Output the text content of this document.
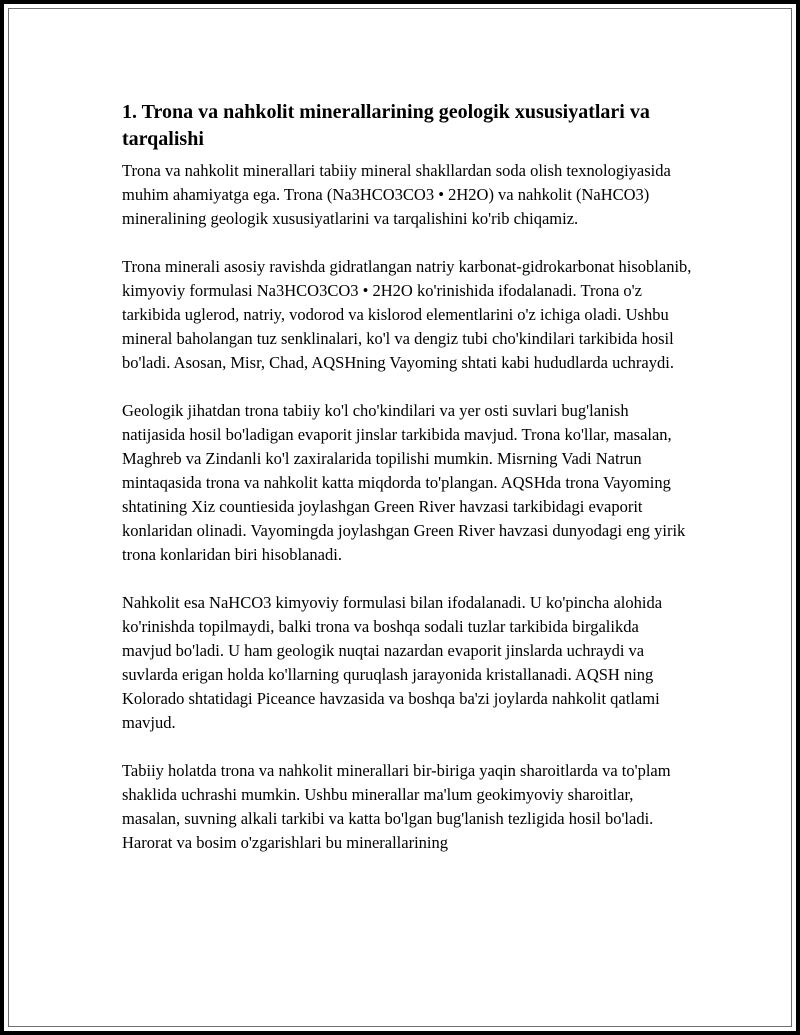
1. Trona va nahkolit minerallarining geologik xususiyatlari va tarqalishi

Trona va nahkolit minerallari tabiiy mineral shakllardan soda olish texnologiyasida muhim ahamiyatga ega. Trona (Na3HCO3CO3 • 2H2O) va nahkolit (NaHCO3) mineralining geologik xususiyatlarini va tarqalishini ko'rib chiqamiz.

Trona minerali asosiy ravishda gidratlangan natriy karbonat-gidrokarbonat hisoblanib, kimyoviy formulasi Na3HCO3CO3 • 2H2O ko'rinishida ifodalanadi. Trona o'z tarkibida uglerod, natriy, vodorod va kislorod elementlarini o'z ichiga oladi. Ushbu mineral baholangan tuz senklinalari, ko'l va dengiz tubi cho'kindilari tarkibida hosil bo'ladi. Asosan, Misr, Chad, AQSHning Vayoming shtati kabi hududlarda uchraydi.

Geologik jihatdan trona tabiiy ko'l cho'kindilari va yer osti suvlari bug'lanish natijasida hosil bo'ladigan evaporit jinslar tarkibida mavjud. Trona ko'llar, masalan, Maghreb va Zindanli ko'l zaxiralarida topilishi mumkin. Misrning Vadi Natrun mintaqasida trona va nahkolit katta miqdorda to'plangan. AQSHda trona Vayoming shtatining Xiz countiesida joylashgan Green River havzasi tarkibidagi evaporit konlaridan olinadi. Vayomingda joylashgan Green River havzasi dunyodagi eng yirik trona konlaridan biri hisoblanadi.

Nahkolit esa NaHCO3 kimyoviy formulasi bilan ifodalanadi. U ko'pincha alohida ko'rinishda topilmaydi, balki trona va boshqa sodali tuzlar tarkibida birgalikda mavjud bo'ladi. U ham geologik nuqtai nazardan evaporit jinslarda uchraydi va suvlarda erigan holda ko'llarning quruqlash jarayonida kristallanadi. AQSH ning Kolorado shtatidagi Piceance havzasida va boshqa ba'zi joylarda nahkolit qatlami mavjud.

Tabiiy holatda trona va nahkolit minerallari bir-biriga yaqin sharoitlarda va to'plam shaklida uchrashi mumkin. Ushbu minerallar ma'lum geokimyoviy sharoitlar, masalan, suvning alkali tarkibi va katta bo'lgan bug'lanish tezligida hosil bo'ladi. Harorat va bosim o'zgarishlari bu minerallarining
